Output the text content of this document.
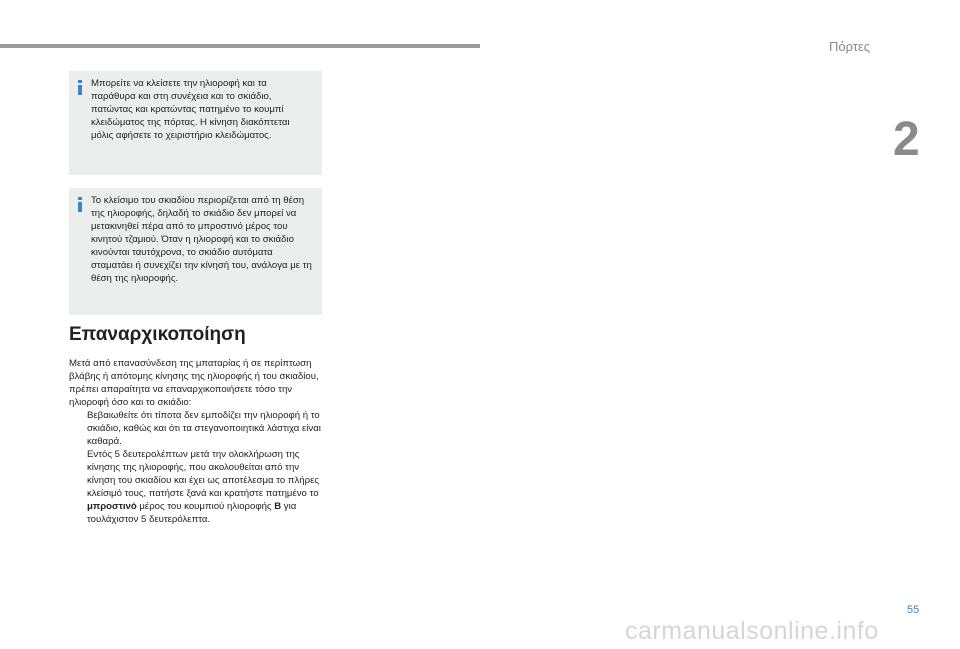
Πόρτες
2
Μπορείτε να κλείσετε την ηλιοροφή και τα παράθυρα και στη συνέχεια και το σκιάδιο, πατώντας και κρατώντας πατημένο το κουμπί κλειδώματος της πόρτας. Η κίνηση διακόπτεται μόλις αφήσετε το χειριστήριο κλειδώματος.
Το κλείσιμο του σκιαδίου περιορίζεται από τη θέση της ηλιοροφής, δηλαδή το σκιάδιο δεν μπορεί να μετακινηθεί πέρα από το μπροστινό μέρος του κινητού τζαμιού. Όταν η ηλιοροφή και το σκιάδιο κινούνται ταυτόχρονα, το σκιάδιο αυτόματα σταματάει ή συνεχίζει την κίνησή του, ανάλογα με τη θέση της ηλιοροφής.
Επαναρχικοποίηση
Μετά από επανασύνδεση της μπαταρίας ή σε περίπτωση βλάβης ή απότομης κίνησης της ηλιοροφής ή του σκιαδίου, πρέπει απαραίτητα να επαναρχικοποιήσετε τόσο την ηλιοροφή όσο και το σκιάδιο:
Βεβαιωθείτε ότι τίποτα δεν εμποδίζει την ηλιοροφή ή το σκιάδιο, καθώς και ότι τα στεγανοποιητικά λάστιχα είναι καθαρά.
Εντός 5 δευτερολέπτων μετά την ολοκλήρωση της κίνησης της ηλιοροφής, που ακολουθείται από την κίνηση του σκιαδίου και έχει ως αποτέλεσμα το πλήρες κλείσιμό τους, πατήστε ξανά και κρατήστε πατημένο το μπροστινό μέρος του κουμπιού ηλιοροφής B για τουλάχιστον 5 δευτερόλεπτα.
55
carmanualsonline.info
